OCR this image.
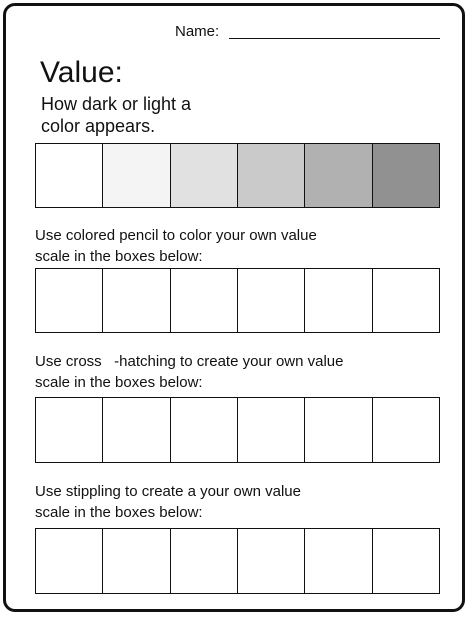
Name:
Value:
How dark or light a
color appears.
Use colored pencil to color your own value
scale in the boxes below:
Use cross   -hatching to create your own value
scale in the boxes below:
Use stippling to create a your own value
scale in the boxes below:
